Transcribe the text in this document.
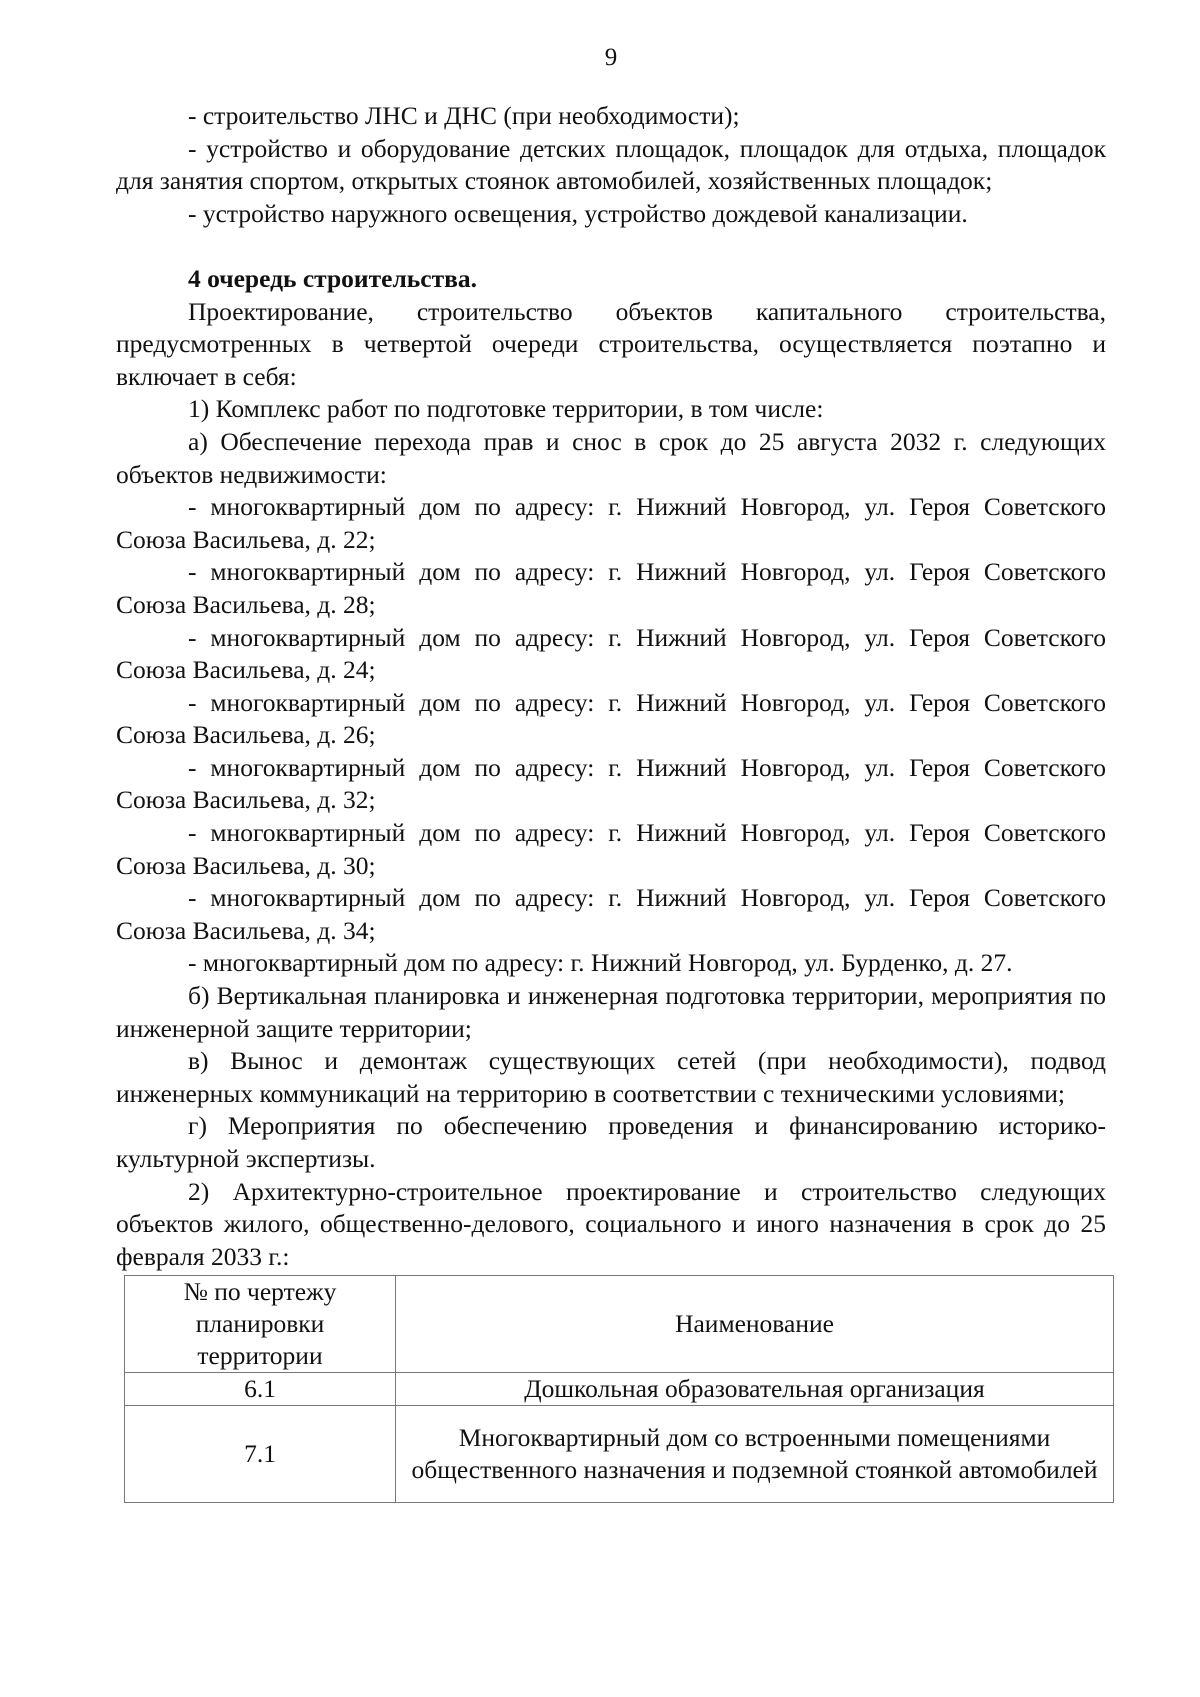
9

- строительство ЛНС и ДНС (при необходимости);

- устройство и оборудование детских площадок, площадок для отдыха, площадок для занятия спортом, открытых стоянок автомобилей, хозяйственных площадок;

- устройство наружного освещения, устройство дождевой канализации.

4 очередь строительства.

Проектирование, строительство объектов капитального строительства, предусмотренных в четвертой очереди строительства, осуществляется поэтапно и включает в себя:

1) Комплекс работ по подготовке территории, в том числе:

а) Обеспечение перехода прав и снос в срок до 25 августа 2032 г. следующих объектов недвижимости:

- многоквартирный дом по адресу: г. Нижний Новгород, ул. Героя Советского Союза Васильева, д. 22;

- многоквартирный дом по адресу: г. Нижний Новгород, ул. Героя Советского Союза Васильева, д. 28;

- многоквартирный дом по адресу: г. Нижний Новгород, ул. Героя Советского Союза Васильева, д. 24;

- многоквартирный дом по адресу: г. Нижний Новгород, ул. Героя Советского Союза Васильева, д. 26;

- многоквартирный дом по адресу: г. Нижний Новгород, ул. Героя Советского Союза Васильева, д. 32;

- многоквартирный дом по адресу: г. Нижний Новгород, ул. Героя Советского Союза Васильева, д. 30;

- многоквартирный дом по адресу: г. Нижний Новгород, ул. Героя Советского Союза Васильева, д. 34;

- многоквартирный дом по адресу: г. Нижний Новгород, ул. Бурденко, д. 27.

б) Вертикальная планировка и инженерная подготовка территории, мероприятия по инженерной защите территории;

в) Вынос и демонтаж существующих сетей (при необходимости), подвод инженерных коммуникаций на территорию в соответствии с техническими условиями;

г) Мероприятия по обеспечению проведения и финансированию историко-культурной экспертизы.

2) Архитектурно-строительное проектирование и строительство следующих объектов жилого, общественно-делового, социального и иного назначения в срок до 25 февраля 2033 г.:

№ по чертежу планировки территории	Наименование
6.1	Дошкольная образовательная организация
7.1	Многоквартирный дом со встроенными помещениями общественного назначения и подземной стоянкой автомобилей
